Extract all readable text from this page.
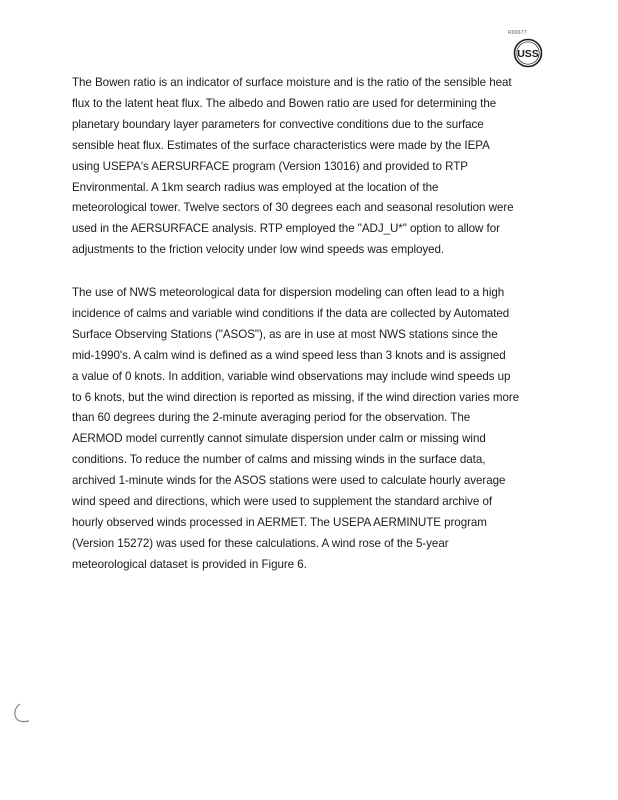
R00677
USS

The Bowen ratio is an indicator of surface moisture and is the ratio of the sensible heat
flux to the latent heat flux. The albedo and Bowen ratio are used for determining the
planetary boundary layer parameters for convective conditions due to the surface
sensible heat flux. Estimates of the surface characteristics were made by the IEPA
using USEPA's AERSURFACE program (Version 13016) and provided to RTP
Environmental. A 1km search radius was employed at the location of the
meteorological tower. Twelve sectors of 30 degrees each and seasonal resolution were
used in the AERSURFACE analysis. RTP employed the "ADJ_U*" option to allow for
adjustments to the friction velocity under low wind speeds was employed.

The use of NWS meteorological data for dispersion modeling can often lead to a high
incidence of calms and variable wind conditions if the data are collected by Automated
Surface Observing Stations ("ASOS"), as are in use at most NWS stations since the
mid-1990's. A calm wind is defined as a wind speed less than 3 knots and is assigned
a value of 0 knots. In addition, variable wind observations may include wind speeds up
to 6 knots, but the wind direction is reported as missing, if the wind direction varies more
than 60 degrees during the 2-minute averaging period for the observation. The
AERMOD model currently cannot simulate dispersion under calm or missing wind
conditions. To reduce the number of calms and missing winds in the surface data,
archived 1-minute winds for the ASOS stations were used to calculate hourly average
wind speed and directions, which were used to supplement the standard archive of
hourly observed winds processed in AERMET. The USEPA AERMINUTE program
(Version 15272) was used for these calculations. A wind rose of the 5-year
meteorological dataset is provided in Figure 6.
